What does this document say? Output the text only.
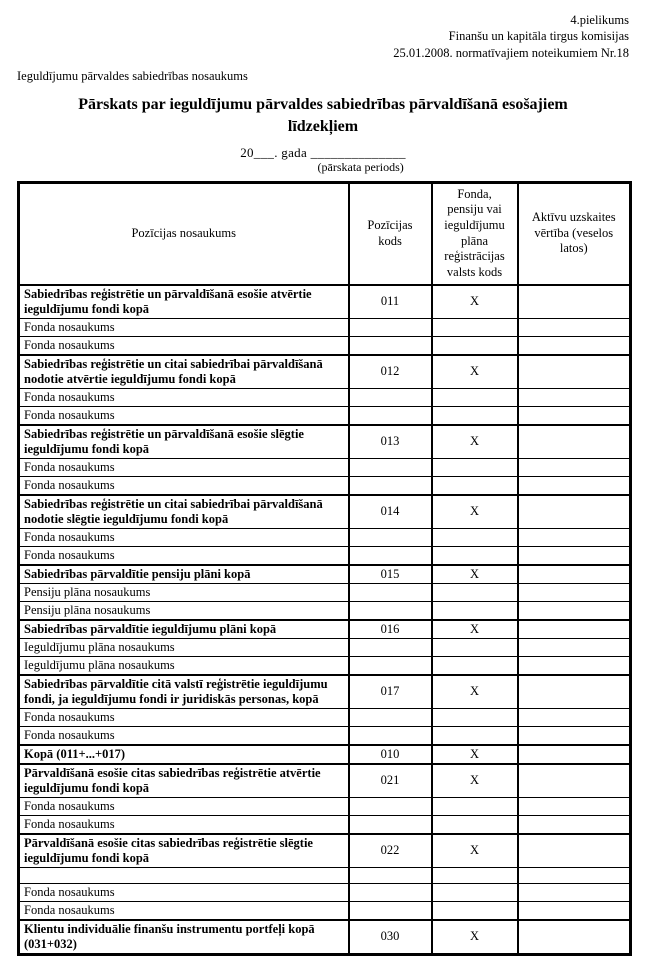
4.pielikums
Finanšu un kapitāla tirgus komisijas
25.01.2008. normatīvajiem noteikumiem Nr.18
Ieguldījumu pārvaldes sabiedrības nosaukums
Pārskats par ieguldījumu pārvaldes sabiedrības pārvaldīšanā esošajiem līdzekļiem
20___. gada ______________
(pārskata periods)
Pozīcijas nosaukums	Pozīcijas kods	Fonda, pensiju vai ieguldījumu plāna reģistrācijas valsts kods	Aktīvu uzskaites vērtība (veselos latos)
Sabiedrības reģistrētie un pārvaldīšanā esošie atvērtie ieguldījumu fondi kopā	011	X	
Fonda nosaukums			
Fonda nosaukums			
Sabiedrības reģistrētie un citai sabiedrībai pārvaldīšanā nodotie atvērtie ieguldījumu fondi kopā	012	X	
Fonda nosaukums			
Fonda nosaukums			
Sabiedrības reģistrētie un pārvaldīšanā esošie slēgtie ieguldījumu fondi kopā	013	X	
Fonda nosaukums			
Fonda nosaukums			
Sabiedrības reģistrētie un citai sabiedrībai pārvaldīšanā nodotie slēgtie ieguldījumu fondi kopā	014	X	
Fonda nosaukums			
Fonda nosaukums			
Sabiedrības pārvaldītie pensiju plāni kopā	015	X	
Pensiju plāna nosaukums			
Pensiju plāna nosaukums			
Sabiedrības pārvaldītie ieguldījumu plāni kopā	016	X	
Ieguldījumu plāna nosaukums			
Ieguldījumu plāna nosaukums			
Sabiedrības pārvaldītie citā valstī reģistrētie ieguldījumu fondi, ja ieguldījumu fondi ir juridiskās personas, kopā	017	X	
Fonda nosaukums			
Fonda nosaukums			
Kopā (011+...+017)	010	X	
Pārvaldīšanā esošie citas sabiedrības reģistrētie atvērtie ieguldījumu fondi kopā	021	X	
Fonda nosaukums			
Fonda nosaukums			
Pārvaldīšanā esošie citas sabiedrības reģistrētie slēgtie ieguldījumu fondi kopā	022	X	

Fonda nosaukums			
Fonda nosaukums			
Klientu individuālie finanšu instrumentu portfeļi kopā (031+032)	030	X	
